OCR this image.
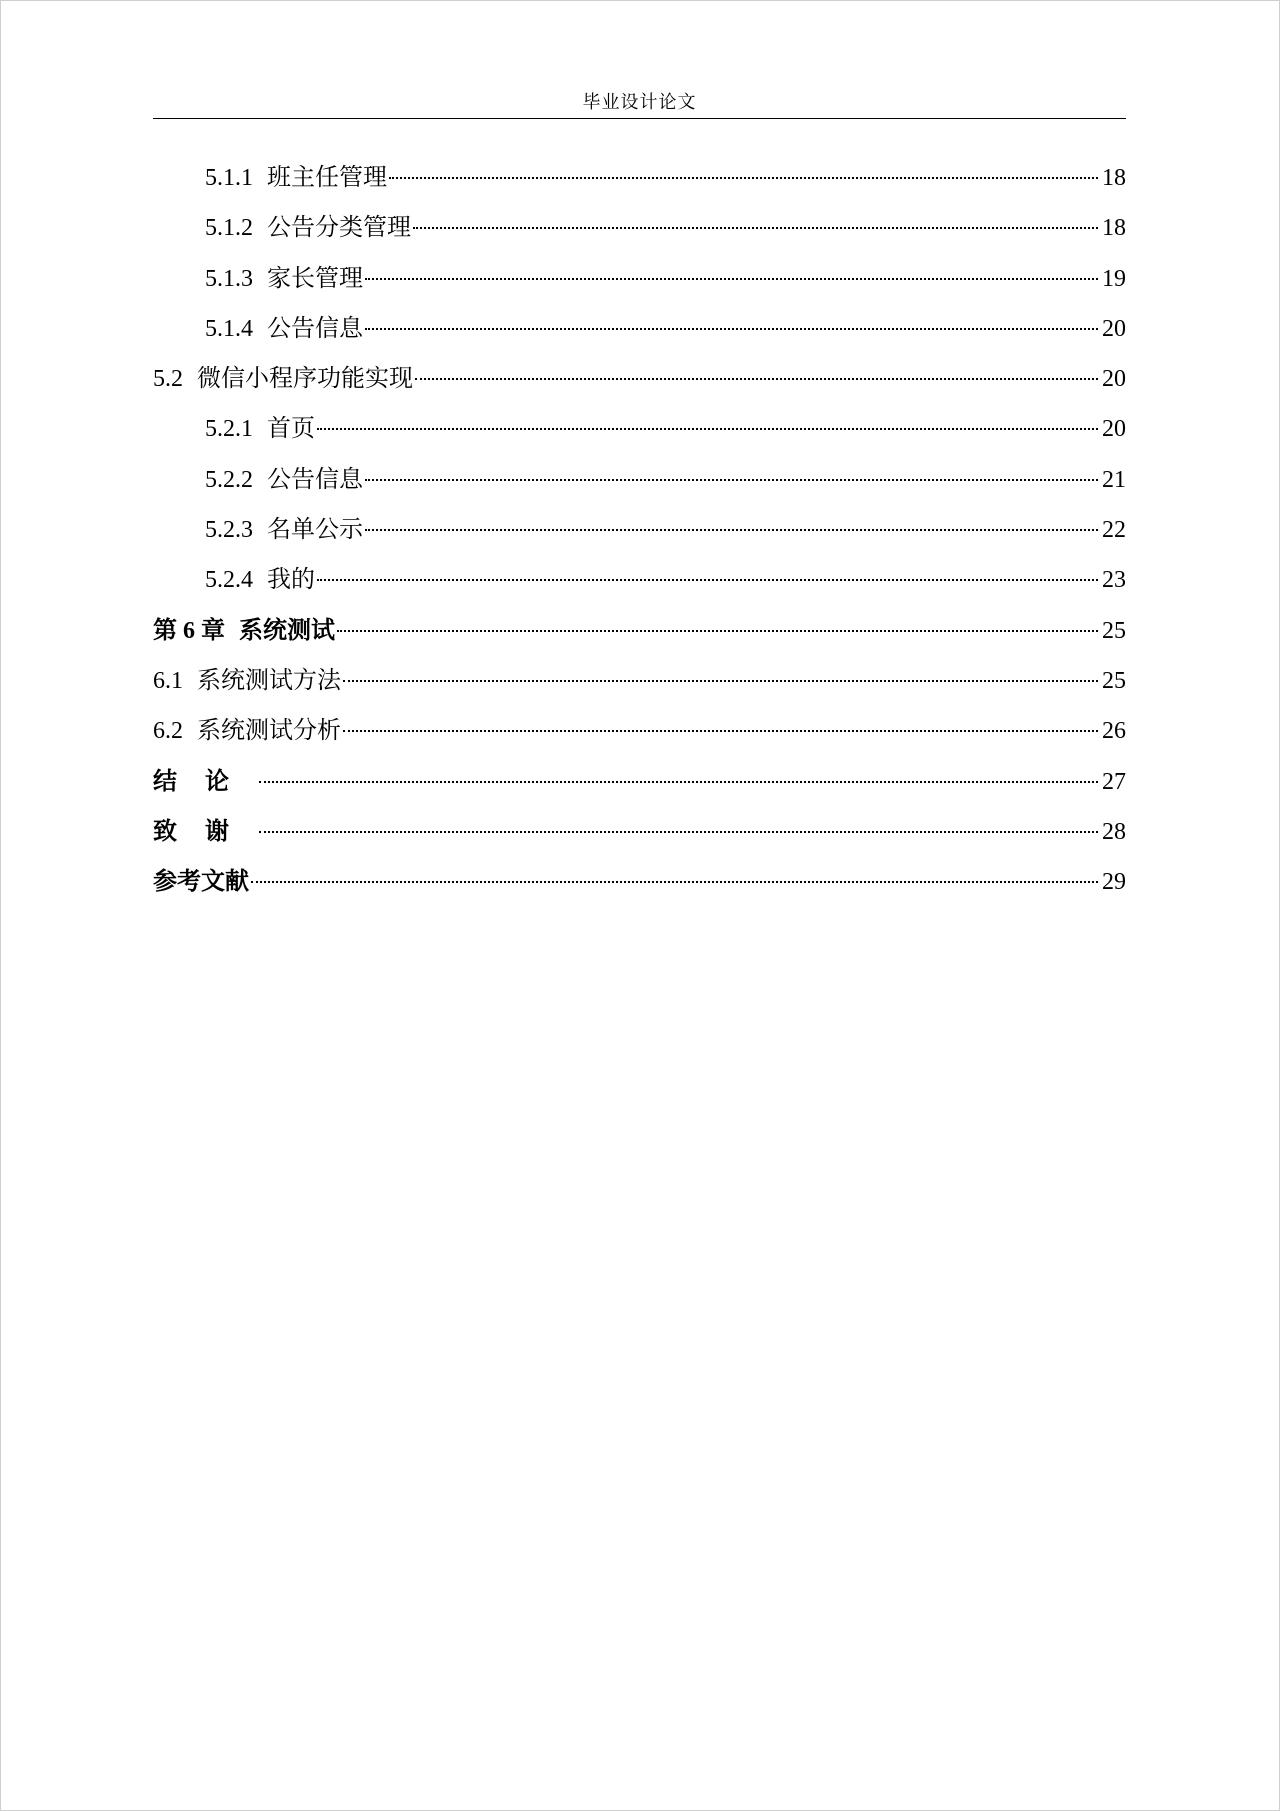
毕业设计论文
5.1.1 班主任管理	18
5.1.2 公告分类管理	18
5.1.3 家长管理	19
5.1.4 公告信息	20
5.2 微信小程序功能实现	20
5.2.1 首页	20
5.2.2 公告信息	21
5.2.3 名单公示	22
5.2.4 我的	23
第 6 章 系统测试	25
6.1 系统测试方法	25
6.2 系统测试分析	26
结论	27
致谢	28
参考文献	29
